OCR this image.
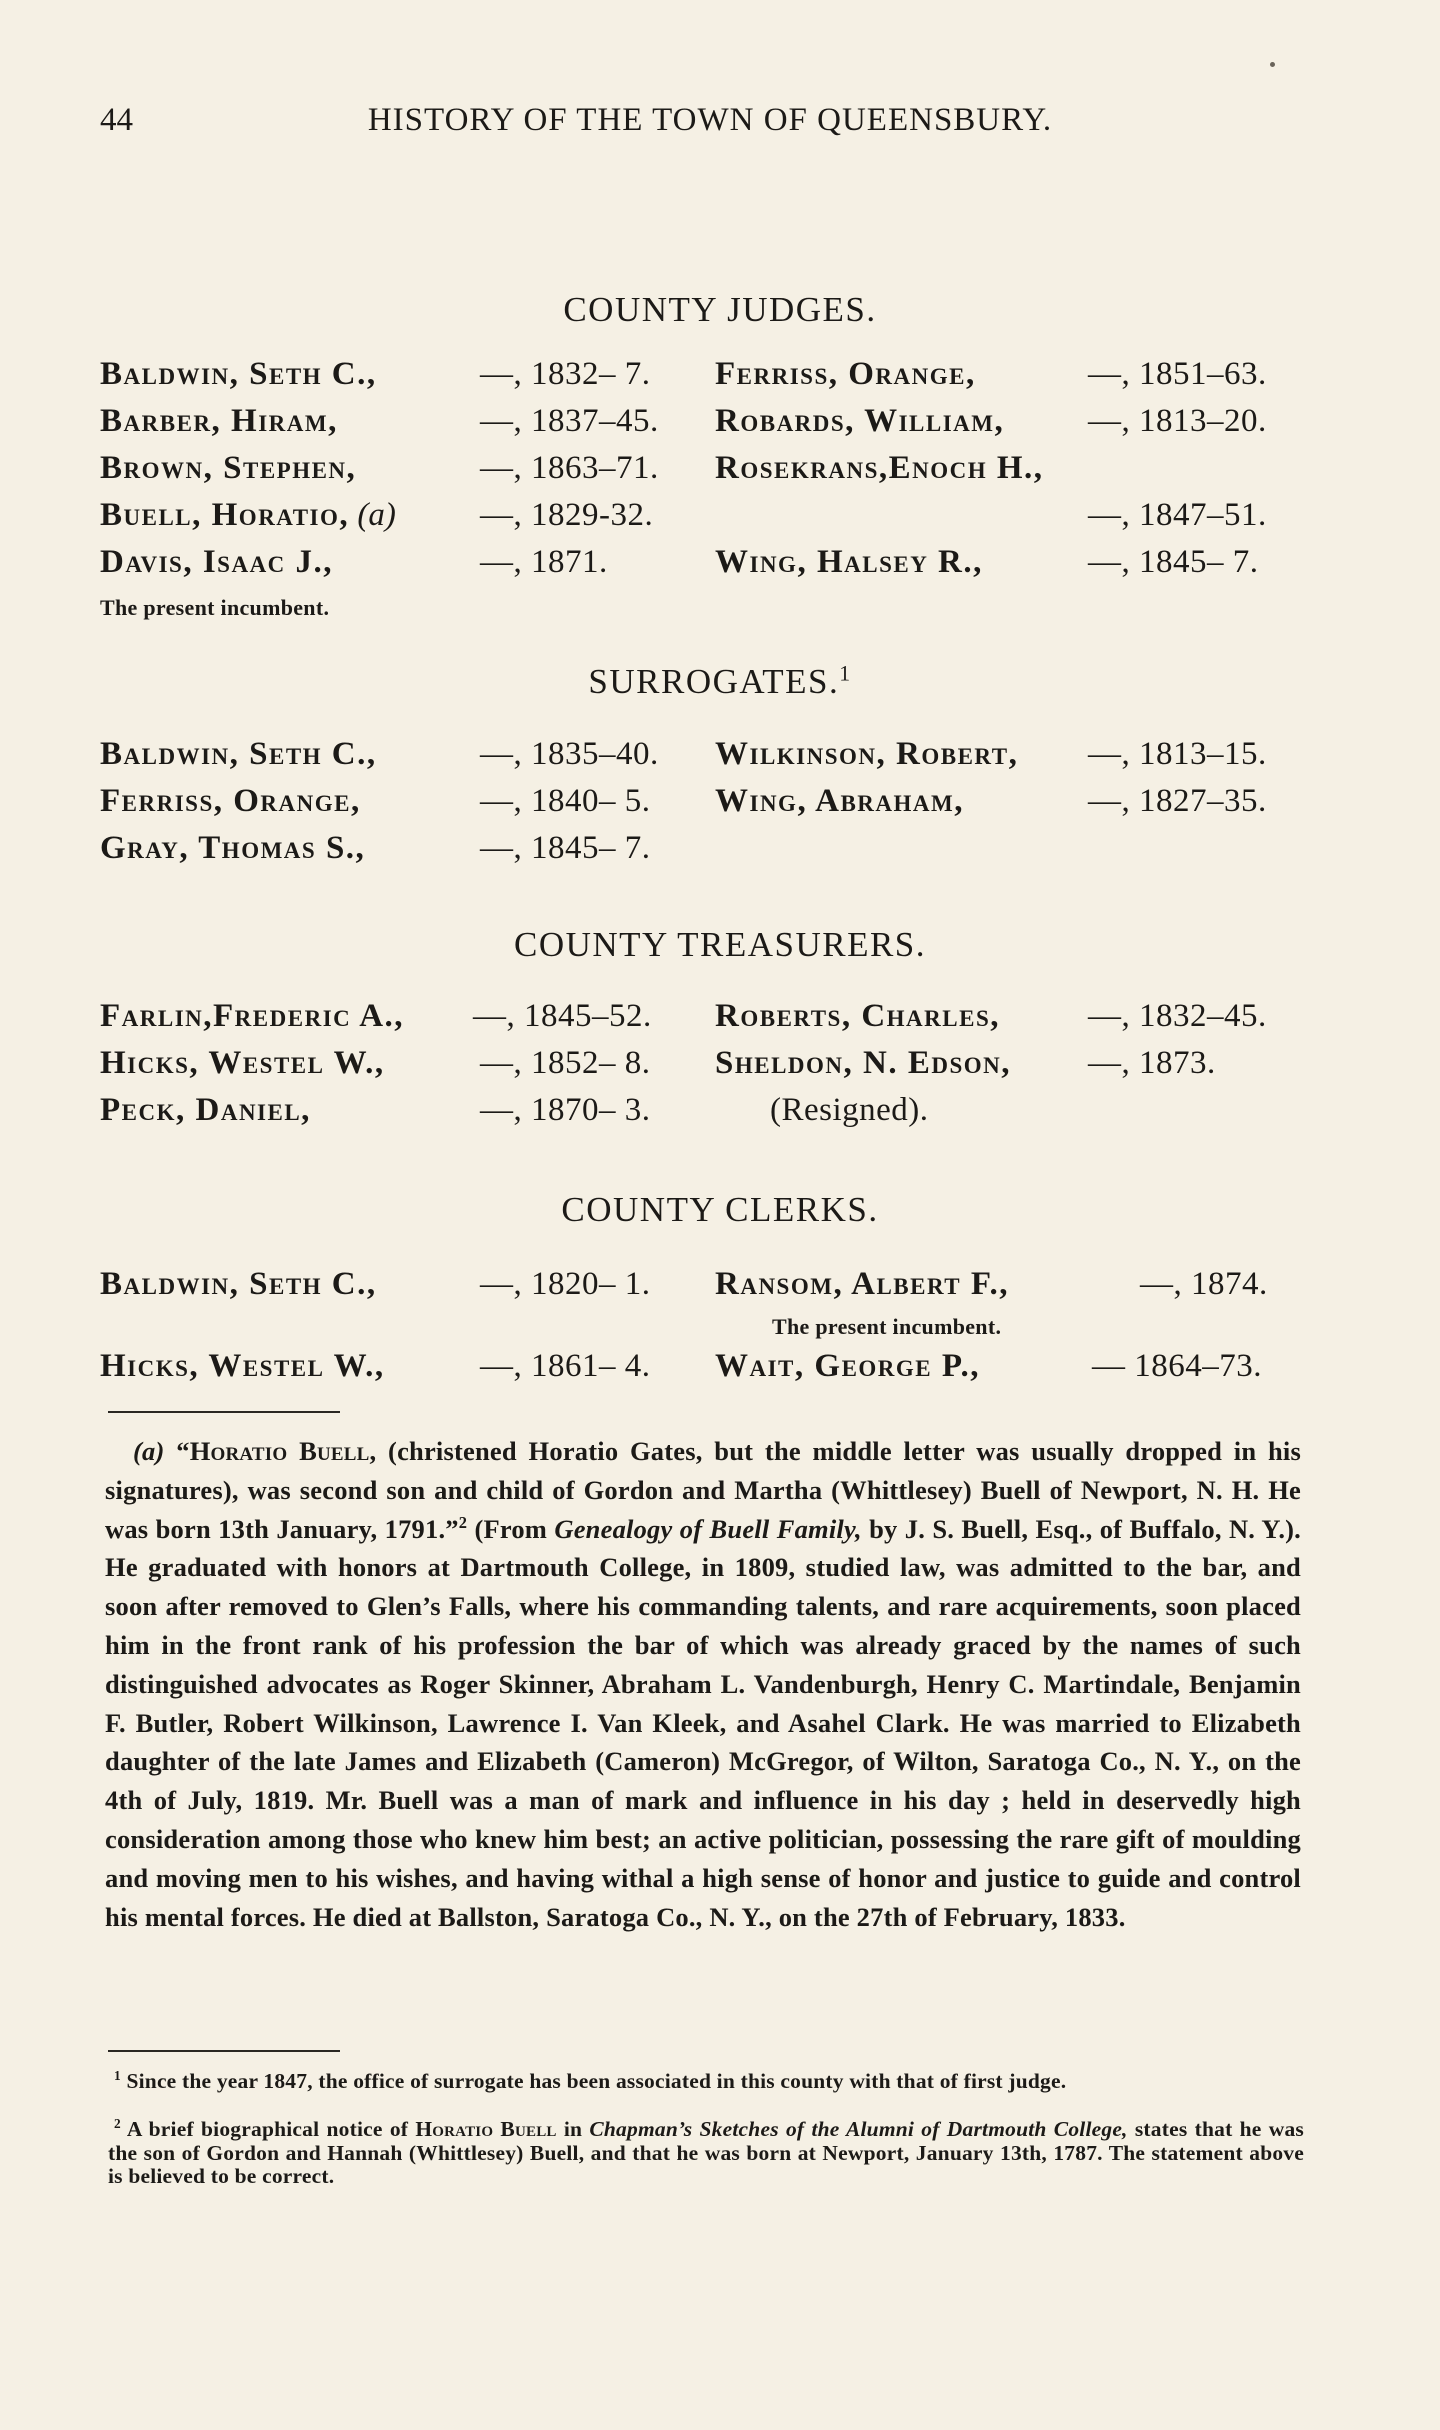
44	HISTORY OF THE TOWN OF QUEENSBURY.
COUNTY JUDGES.
Baldwin, Seth C.,	—, 1832– 7.
Barber, Hiram,	—, 1837–45.
Brown, Stephen,	—, 1863–71.
Buell, Horatio, (a)	—, 1829-32.
Davis, Isaac J.,	—, 1871.
The present incumbent.
Ferriss, Orange,	—, 1851–63.
Robards, William,	—, 1813–20.
Rosekrans,Enoch H.,
—, 1847–51.
Wing, Halsey R.,	—, 1845– 7.
SURROGATES.$^1$
Baldwin, Seth C.,	—, 1835–40.
Ferriss, Orange,	—, 1840– 5.
Gray, Thomas S.,	—, 1845– 7.
Wilkinson, Robert, —, 1813–15.
Wing, Abraham,	—, 1827–35.
COUNTY TREASURERS.
Farlin,Frederic A., —, 1845–52.
Hicks, Westel W.,	—, 1852– 8.
Peck, Daniel,	—, 1870– 3.
Roberts, Charles,	—, 1832–45.
Sheldon, N. Edson, —, 1873.
(Resigned).
COUNTY CLERKS.
Baldwin, Seth C.,	—, 1820– 1.
Hicks, Westel W.,	—, 1861– 4.
Ransom, Albert F.,	—, 1874.
The present incumbent.
Wait, George P.,	— 1864–73.
(a) “Horatio Buell, (christened Horatio Gates, but the middle letter was usually dropped in his signatures), was second son and child of Gordon and Martha (Whittlesey) Buell of Newport, N. H. He was born 13th January, 1791.”$^2$ (From Genealogy of Buell Family, by J. S. Buell, Esq., of Buffalo, N. Y.). He graduated with honors at Dartmouth College, in 1809, studied law, was admitted to the bar, and soon after removed to Glen’s Falls, where his commanding talents, and rare acquirements, soon placed him in the front rank of his profession the bar of which was already graced by the names of such distinguished advocates as Roger Skinner, Abraham L. Vandenburgh, Henry C. Martindale, Benjamin F. Butler, Robert Wilkinson, Lawrence I. Van Kleek, and Asahel Clark. He was married to Elizabeth daughter of the late James and Elizabeth (Cameron) McGregor, of Wilton, Saratoga Co., N. Y., on the 4th of July, 1819. Mr. Buell was a man of mark and influence in his day ; held in deservedly high consideration among those who knew him best; an active politician, possessing the rare gift of moulding and moving men to his wishes, and having withal a high sense of honor and justice to guide and control his mental forces. He died at Ballston, Saratoga Co., N. Y., on the 27th of February, 1833.
$^1$ Since the year 1847, the office of surrogate has been associated in this county with that of first judge.
$^2$ A brief biographical notice of Horatio Buell in Chapman’s Sketches of the Alumni of Dartmouth College, states that he was the son of Gordon and Hannah (Whittlesey) Buell, and that he was born at Newport, January 13th, 1787. The statement above is believed to be correct.
